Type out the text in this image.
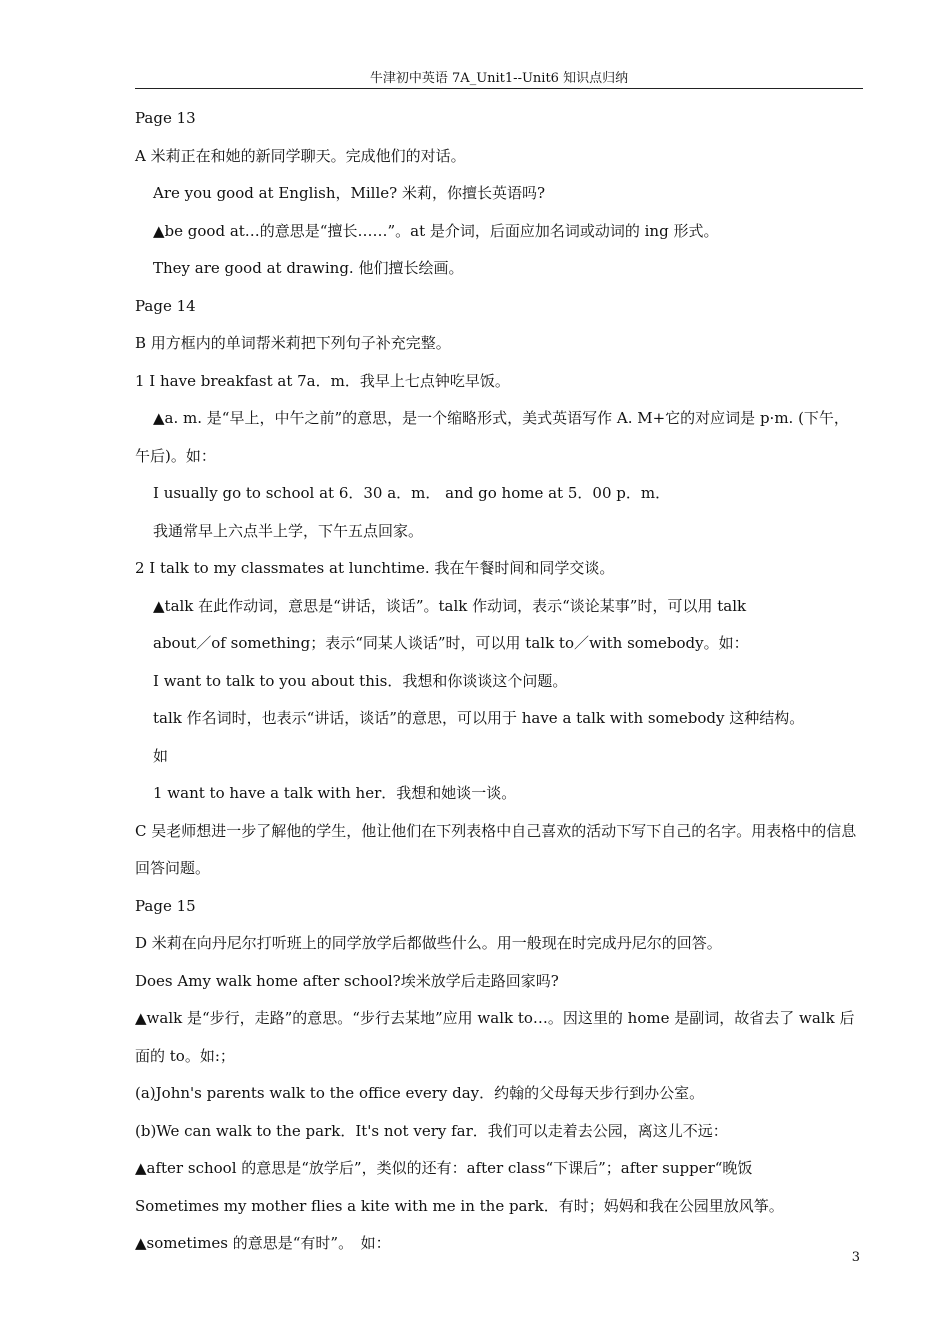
牛津初中英语 7A_Unit1--Unit6 知识点归纳
Page 13
A 米莉正在和她的新同学聊天。完成他们的对话。
Are you good at English，Mille? 米莉，你擅长英语吗?
▲be good at…的意思是“擅长……”。at 是介词，后面应加名词或动词的 ing 形式。
They are good at drawing. 他们擅长绘画。
Page 14
B 用方框内的单词帮米莉把下列句子补充完整。
1 I have breakfast at 7a．m．我早上七点钟吃早饭。
▲a. m. 是“早上，中午之前”的意思，是一个缩略形式，美式英语写作 A. M+它的对应词是 p·m. (下午，午后)。如：
I usually go to school at 6．30 a．m． and go home at 5．00 p．m．
我通常早上六点半上学，下午五点回家。
2 I talk to my classmates at lunchtime. 我在午餐时间和同学交谈。
▲talk 在此作动词，意思是“讲话，谈话”。talk 作动词，表示“谈论某事”时，可以用 talk
about／of something；表示“同某人谈话”时，可以用 talk to／with somebody。如：
I want to talk to you about this．我想和你谈谈这个问题。
talk 作名词时，也表示“讲话，谈话”的意思，可以用于 have a talk with somebody 这种结构。
如
1 want to have a talk with her．我想和她谈一谈。
C 吴老师想进一步了解他的学生，他让他们在下列表格中自己喜欢的活动下写下自己的名字。用表格中的信息回答问题。
Page 15
D 米莉在向丹尼尔打听班上的同学放学后都做些什么。用一般现在时完成丹尼尔的回答。
Does Amy walk home after school?埃米放学后走路回家吗?
▲walk 是“步行，走路”的意思。“步行去某地”应用 walk to…。因这里的 home 是副词，故省去了 walk 后面的 to。如:；
(a)John's parents walk to the office every day．约翰的父母每天步行到办公室。
(b)We can walk to the park．It's not very far．我们可以走着去公园，离这儿不远：
▲after school 的意思是“放学后”，类似的还有：after class“下课后”；after supper“晚饭
Sometimes my mother flies a kite with me in the park．有时；妈妈和我在公园里放风筝。
▲sometimes 的意思是“有时”。　如：
3
